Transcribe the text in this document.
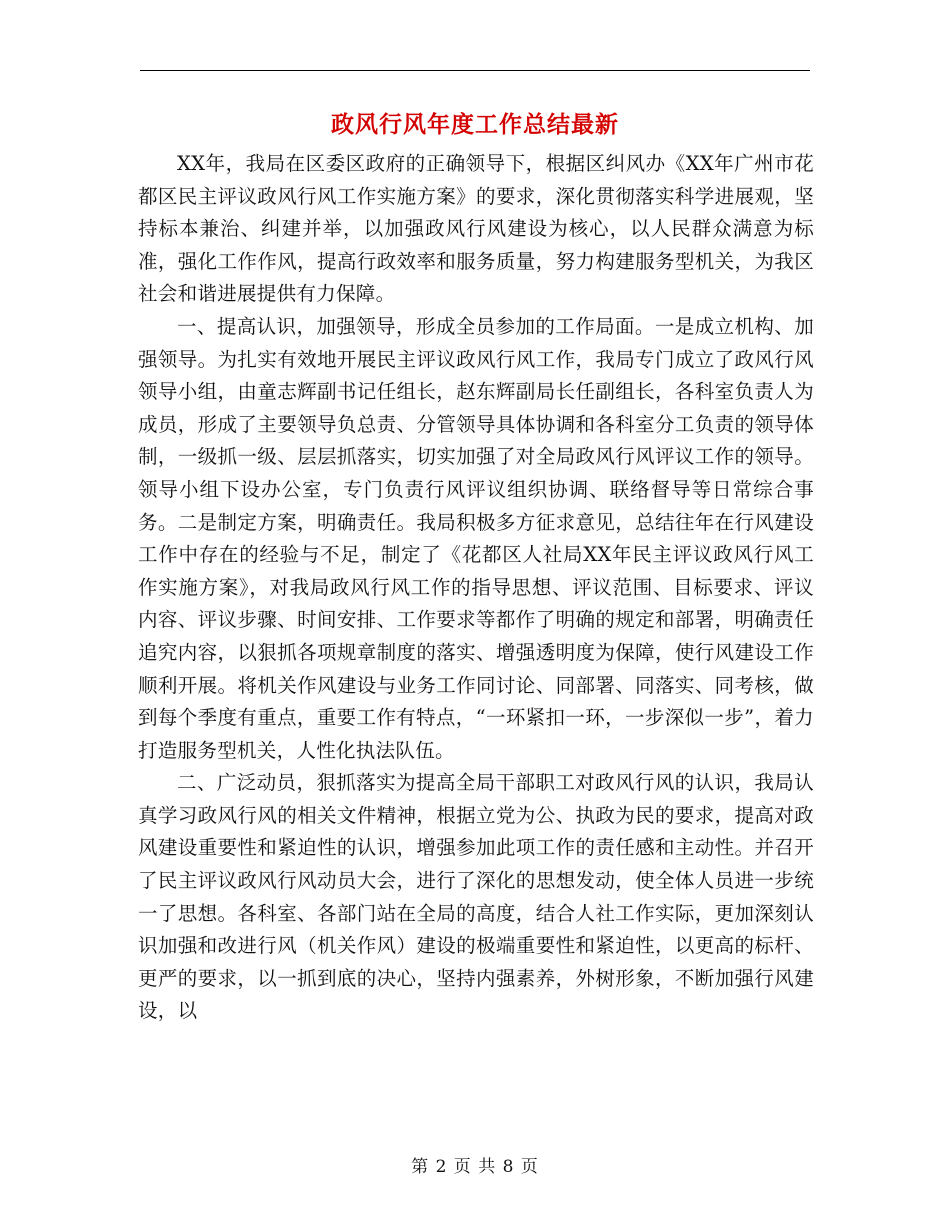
政风行风年度工作总结最新

XX年，我局在区委区政府的正确领导下，根据区纠风办《XX年广州市花都区民主评议政风行风工作实施方案》的要求，深化贯彻落实科学进展观，坚持标本兼治、纠建并举，以加强政风行风建设为核心，以人民群众满意为标准，强化工作作风，提高行政效率和服务质量，努力构建服务型机关，为我区社会和谐进展提供有力保障。

一、提高认识，加强领导，形成全员参加的工作局面。一是成立机构、加强领导。为扎实有效地开展民主评议政风行风工作，我局专门成立了政风行风领导小组，由童志辉副书记任组长，赵东辉副局长任副组长，各科室负责人为成员，形成了主要领导负总责、分管领导具体协调和各科室分工负责的领导体制，一级抓一级、层层抓落实，切实加强了对全局政风行风评议工作的领导。领导小组下设办公室，专门负责行风评议组织协调、联络督导等日常综合事务。二是制定方案，明确责任。我局积极多方征求意见，总结往年在行风建设工作中存在的经验与不足，制定了《花都区人社局XX年民主评议政风行风工作实施方案》，对我局政风行风工作的指导思想、评议范围、目标要求、评议内容、评议步骤、时间安排、工作要求等都作了明确的规定和部署，明确责任追究内容，以狠抓各项规章制度的落实、增强透明度为保障，使行风建设工作顺利开展。将机关作风建设与业务工作同讨论、同部署、同落实、同考核，做到每个季度有重点，重要工作有特点，“一环紧扣一环，一步深似一步”，着力打造服务型机关，人性化执法队伍。

二、广泛动员，狠抓落实为提高全局干部职工对政风行风的认识，我局认真学习政风行风的相关文件精神，根据立党为公、执政为民的要求，提高对政风建设重要性和紧迫性的认识，增强参加此项工作的责任感和主动性。并召开了民主评议政风行风动员大会，进行了深化的思想发动，使全体人员进一步统一了思想。各科室、各部门站在全局的高度，结合人社工作实际，更加深刻认识加强和改进行风（机关作风）建设的极端重要性和紧迫性，以更高的标杆、更严的要求，以一抓到底的决心，坚持内强素养，外树形象，不断加强行风建设，以

第 2 页 共 8 页
